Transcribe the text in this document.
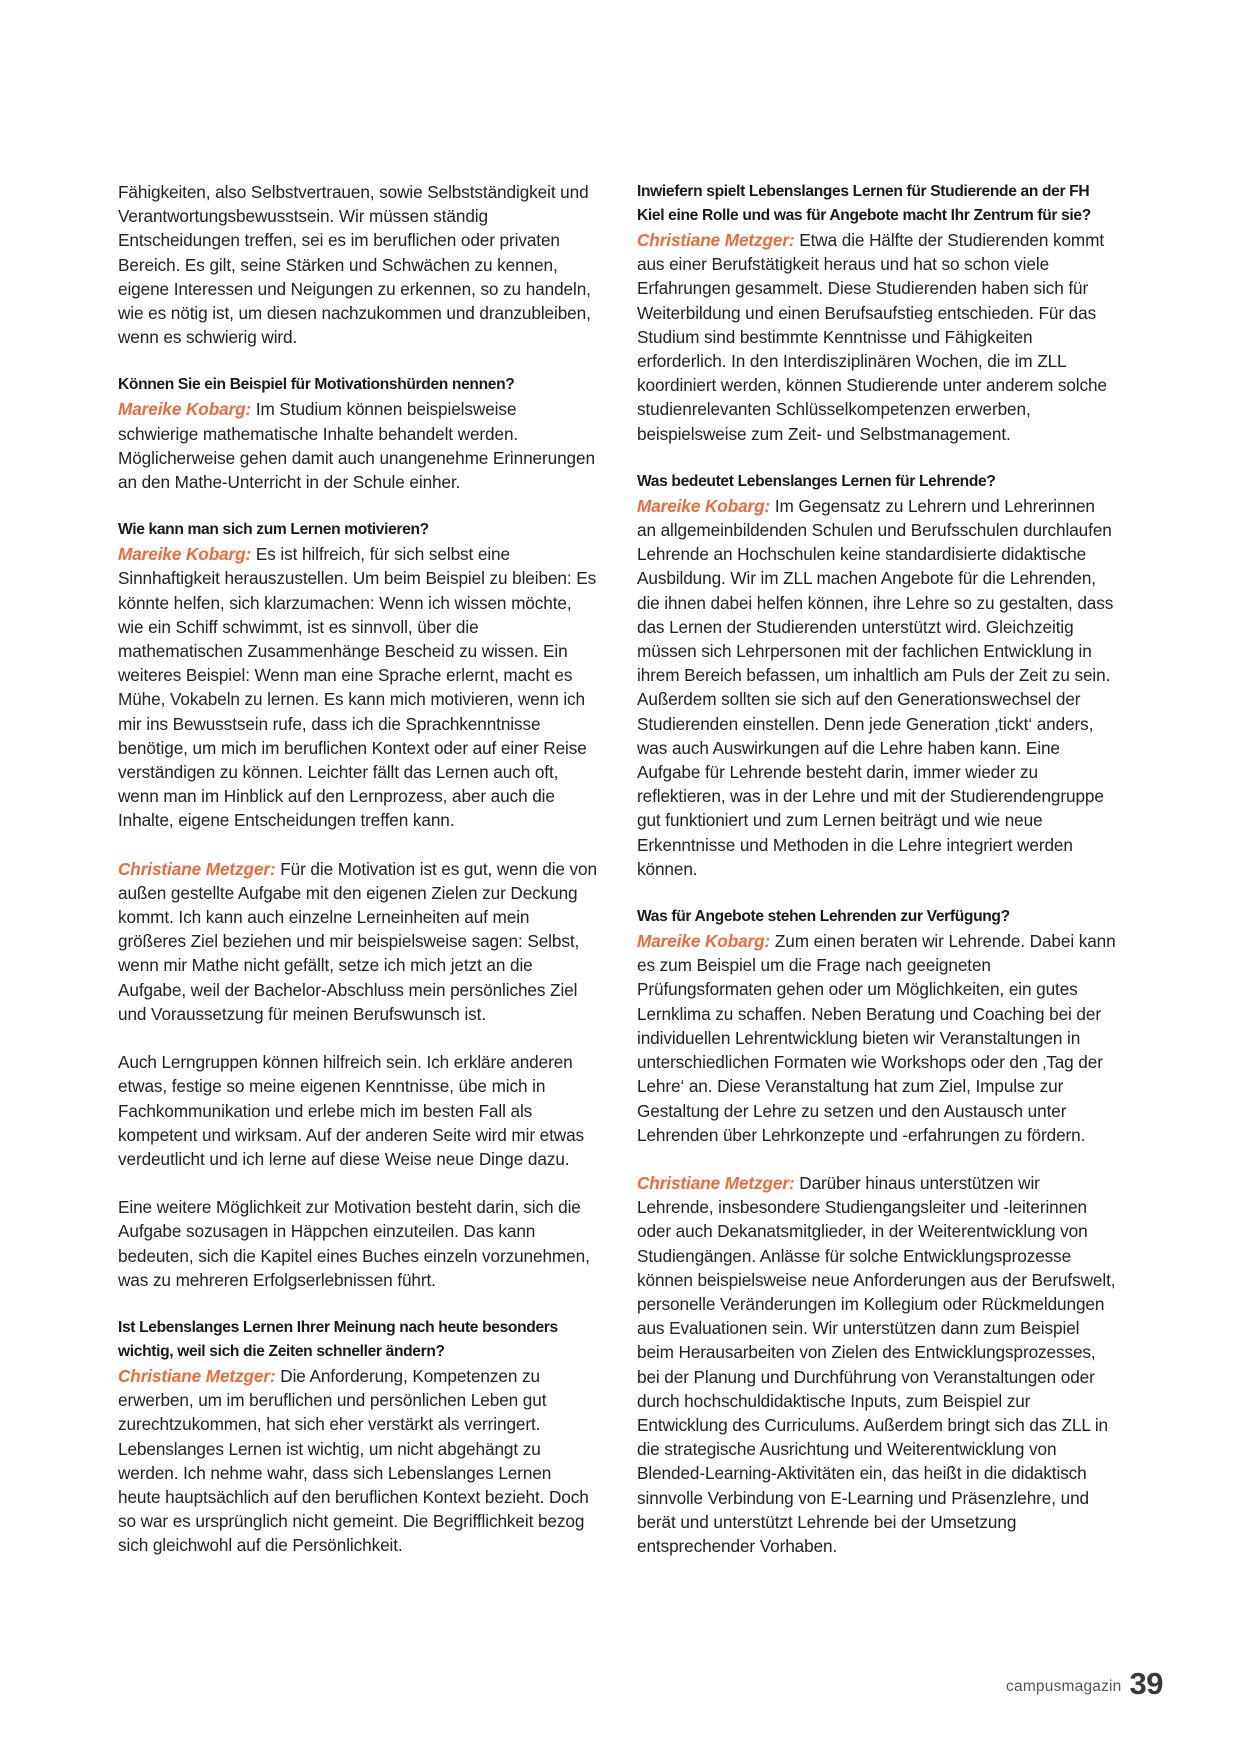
Fähigkeiten, also Selbstvertrauen, sowie Selbstständigkeit und Verantwortungsbewusstsein. Wir müssen ständig Entscheidungen treffen, sei es im beruflichen oder privaten Bereich. Es gilt, seine Stärken und Schwächen zu kennen, eigene Interessen und Neigungen zu erkennen, so zu handeln, wie es nötig ist, um diesen nachzukommen und dranzubleiben, wenn es schwierig wird.

Können Sie ein Beispiel für Motivationshürden nennen?

Mareike Kobarg: Im Studium können beispielsweise schwierige mathematische Inhalte behandelt werden. Möglicherweise gehen damit auch unangenehme Erinnerungen an den Mathe-Unterricht in der Schule einher.

Wie kann man sich zum Lernen motivieren?

Mareike Kobarg: Es ist hilfreich, für sich selbst eine Sinnhaftigkeit herauszustellen. Um beim Beispiel zu bleiben: Es könnte helfen, sich klarzumachen: Wenn ich wissen möchte, wie ein Schiff schwimmt, ist es sinnvoll, über die mathematischen Zusammenhänge Bescheid zu wissen. Ein weiteres Beispiel: Wenn man eine Sprache erlernt, macht es Mühe, Vokabeln zu lernen. Es kann mich motivieren, wenn ich mir ins Bewusstsein rufe, dass ich die Sprachkenntnisse benötige, um mich im beruflichen Kontext oder auf einer Reise verständigen zu können. Leichter fällt das Lernen auch oft, wenn man im Hinblick auf den Lernprozess, aber auch die Inhalte, eigene Entscheidungen treffen kann.

Christiane Metzger: Für die Motivation ist es gut, wenn die von außen gestellte Aufgabe mit den eigenen Zielen zur Deckung kommt. Ich kann auch einzelne Lerneinheiten auf mein größeres Ziel beziehen und mir beispielsweise sagen: Selbst, wenn mir Mathe nicht gefällt, setze ich mich jetzt an die Aufgabe, weil der Bachelor-Abschluss mein persönliches Ziel und Voraussetzung für meinen Berufswunsch ist.

Auch Lerngruppen können hilfreich sein. Ich erkläre anderen etwas, festige so meine eigenen Kenntnisse, übe mich in Fachkommunikation und erlebe mich im besten Fall als kompetent und wirksam. Auf der anderen Seite wird mir etwas verdeutlicht und ich lerne auf diese Weise neue Dinge dazu.

Eine weitere Möglichkeit zur Motivation besteht darin, sich die Aufgabe sozusagen in Häppchen einzuteilen. Das kann bedeuten, sich die Kapitel eines Buches einzeln vorzunehmen, was zu mehreren Erfolgserlebnissen führt.

Ist Lebenslanges Lernen Ihrer Meinung nach heute besonders wichtig, weil sich die Zeiten schneller ändern?

Christiane Metzger: Die Anforderung, Kompetenzen zu erwerben, um im beruflichen und persönlichen Leben gut zurechtzukommen, hat sich eher verstärkt als verringert. Lebenslanges Lernen ist wichtig, um nicht abgehängt zu werden. Ich nehme wahr, dass sich Lebenslanges Lernen heute hauptsächlich auf den beruflichen Kontext bezieht. Doch so war es ursprünglich nicht gemeint. Die Begrifflichkeit bezog sich gleichwohl auf die Persönlichkeit.

Inwiefern spielt Lebenslanges Lernen für Studierende an der FH Kiel eine Rolle und was für Angebote macht Ihr Zentrum für sie?

Christiane Metzger: Etwa die Hälfte der Studierenden kommt aus einer Berufstätigkeit heraus und hat so schon viele Erfahrungen gesammelt. Diese Studierenden haben sich für Weiterbildung und einen Berufsaufstieg entschieden. Für das Studium sind bestimmte Kenntnisse und Fähigkeiten erforderlich. In den Interdisziplinären Wochen, die im ZLL koordiniert werden, können Studierende unter anderem solche studienrelevanten Schlüsselkompetenzen erwerben, beispielsweise zum Zeit- und Selbstmanagement.

Was bedeutet Lebenslanges Lernen für Lehrende?

Mareike Kobarg: Im Gegensatz zu Lehrern und Lehrerinnen an allgemeinbildenden Schulen und Berufsschulen durchlaufen Lehrende an Hochschulen keine standardisierte didaktische Ausbildung. Wir im ZLL machen Angebote für die Lehrenden, die ihnen dabei helfen können, ihre Lehre so zu gestalten, dass das Lernen der Studierenden unterstützt wird. Gleichzeitig müssen sich Lehrpersonen mit der fachlichen Entwicklung in ihrem Bereich befassen, um inhaltlich am Puls der Zeit zu sein. Außerdem sollten sie sich auf den Generationswechsel der Studierenden einstellen. Denn jede Generation ‚tickt‘ anders, was auch Auswirkungen auf die Lehre haben kann. Eine Aufgabe für Lehrende besteht darin, immer wieder zu reflektieren, was in der Lehre und mit der Studierendengruppe gut funktioniert und zum Lernen beiträgt und wie neue Erkenntnisse und Methoden in die Lehre integriert werden können.

Was für Angebote stehen Lehrenden zur Verfügung?

Mareike Kobarg: Zum einen beraten wir Lehrende. Dabei kann es zum Beispiel um die Frage nach geeigneten Prüfungsformaten gehen oder um Möglichkeiten, ein gutes Lernklima zu schaffen. Neben Beratung und Coaching bei der individuellen Lehrentwicklung bieten wir Veranstaltungen in unterschiedlichen Formaten wie Workshops oder den ‚Tag der Lehre‘ an. Diese Veranstaltung hat zum Ziel, Impulse zur Gestaltung der Lehre zu setzen und den Austausch unter Lehrenden über Lehrkonzepte und -erfahrungen zu fördern.

Christiane Metzger: Darüber hinaus unterstützen wir Lehrende, insbesondere Studiengangsleiter und -leiterinnen oder auch Dekanatsmitglieder, in der Weiterentwicklung von Studiengängen. Anlässe für solche Entwicklungsprozesse können beispielsweise neue Anforderungen aus der Berufswelt, personelle Veränderungen im Kollegium oder Rückmeldungen aus Evaluationen sein. Wir unterstützen dann zum Beispiel beim Herausarbeiten von Zielen des Entwicklungsprozesses, bei der Planung und Durchführung von Veranstaltungen oder durch hochschuldidaktische Inputs, zum Beispiel zur Entwicklung des Curriculums. Außerdem bringt sich das ZLL in die strategische Ausrichtung und Weiterentwicklung von Blended-Learning-Aktivitäten ein, das heißt in die didaktisch sinnvolle Verbindung von E-Learning und Präsenzlehre, und berät und unterstützt Lehrende bei der Umsetzung entsprechender Vorhaben.

campusmagazin 39
